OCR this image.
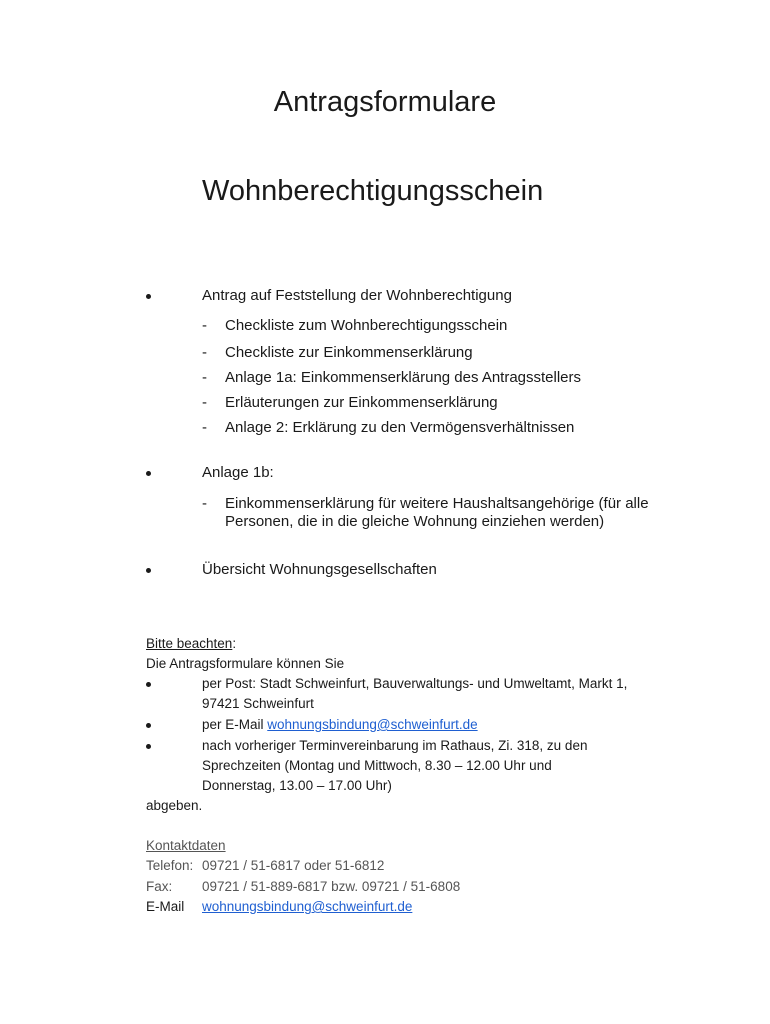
Antragsformulare
Wohnberechtigungsschein
Antrag auf Feststellung der Wohnberechtigung
- Checkliste zum Wohnberechtigungsschein
- Checkliste zur Einkommenserklärung
- Anlage 1a: Einkommenserklärung des Antragsstellers
- Erläuterungen zur Einkommenserklärung
- Anlage 2: Erklärung zu den Vermögensverhältnissen
Anlage 1b:
- Einkommenserklärung für weitere Haushaltsangehörige (für alle
Personen, die in die gleiche Wohnung einziehen werden)
Übersicht Wohnungsgesellschaften
Bitte beachten:
Die Antragsformulare können Sie
per Post: Stadt Schweinfurt, Bauverwaltungs- und Umweltamt, Markt 1,
97421 Schweinfurt
per E-Mail wohnungsbindung@schweinfurt.de
nach vorheriger Terminvereinbarung im Rathaus, Zi. 318, zu den
Sprechzeiten (Montag und Mittwoch, 8.30 – 12.00 Uhr und
Donnerstag, 13.00 – 17.00 Uhr)
abgeben.
Kontaktdaten
Telefon: 09721 / 51-6817 oder 51-6812
Fax: 09721 / 51-889-6817 bzw. 09721 / 51-6808
E-Mail wohnungsbindung@schweinfurt.de
